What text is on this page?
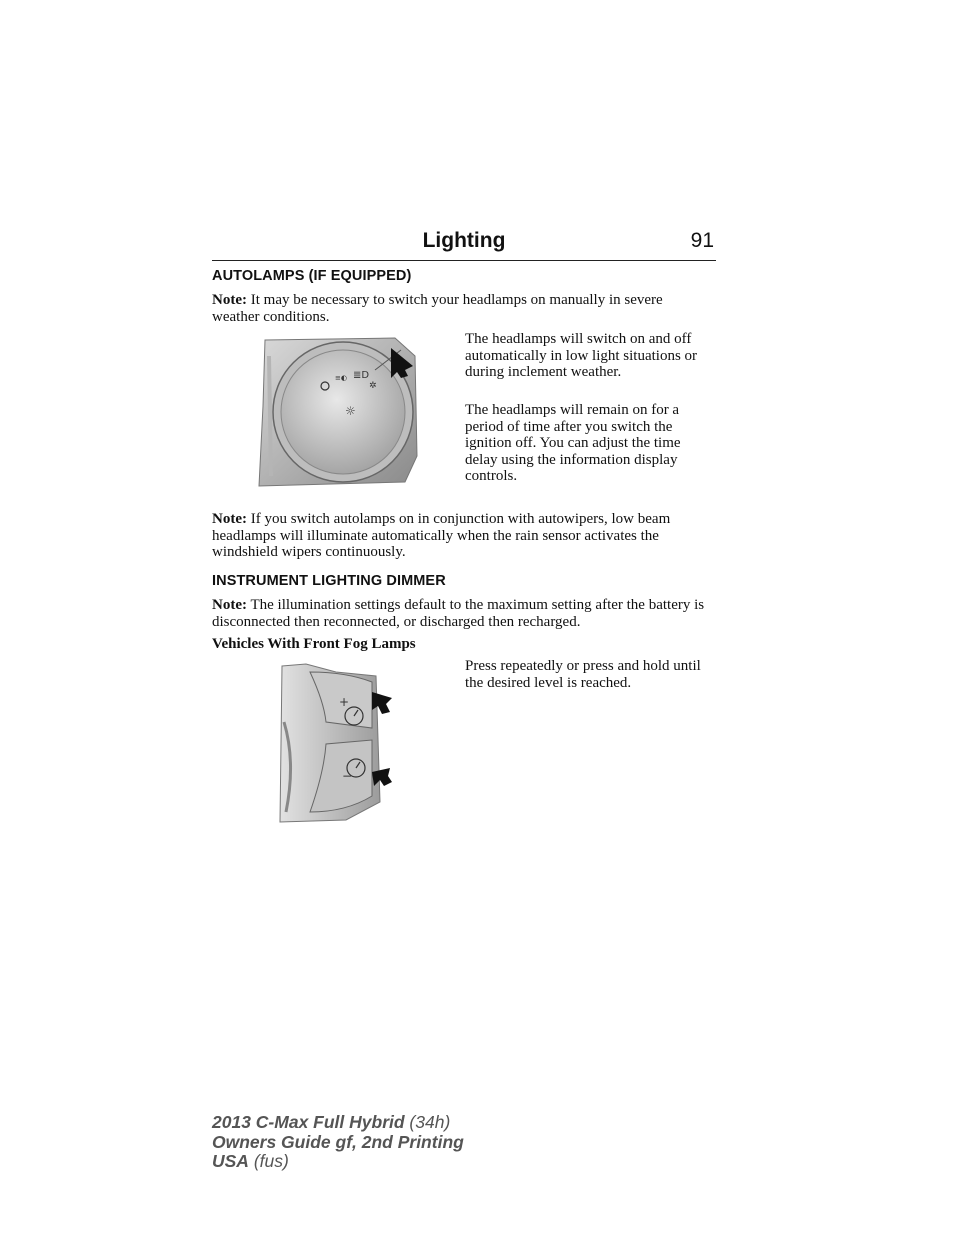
Lighting	91
AUTOLAMPS (IF EQUIPPED)
Note: It may be necessary to switch your headlamps on manually in severe weather conditions.
≡◐ ≣D
✲
☼
The headlamps will switch on and off automatically in low light situations or during inclement weather.
The headlamps will remain on for a period of time after you switch the ignition off. You can adjust the time delay using the information display controls.
Note: If you switch autolamps on in conjunction with autowipers, low beam headlamps will illuminate automatically when the rain sensor activates the windshield wipers continuously.
INSTRUMENT LIGHTING DIMMER
Note: The illumination settings default to the maximum setting after the battery is disconnected then reconnected, or discharged then recharged.
Vehicles With Front Fog Lamps
+
−
Press repeatedly or press and hold until the desired level is reached.
2013 C-Max Full Hybrid (34h)
Owners Guide gf, 2nd Printing
USA (fus)
